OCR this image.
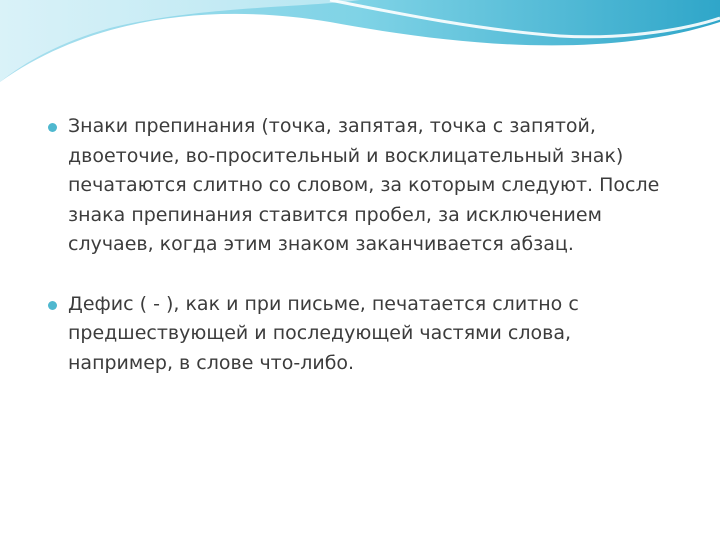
Знаки препинания (точка, запятая, точка с запятой, двоеточие, во-просительный и восклицательный знак) печатаются слитно со словом, за которым следуют. После знака препинания ставится пробел, за исключением случаев, когда этим знаком заканчивается абзац.
Дефис ( - ), как и при письме, печатается слитно с предшествующей и последующей частями слова, например, в слове что-либо.
